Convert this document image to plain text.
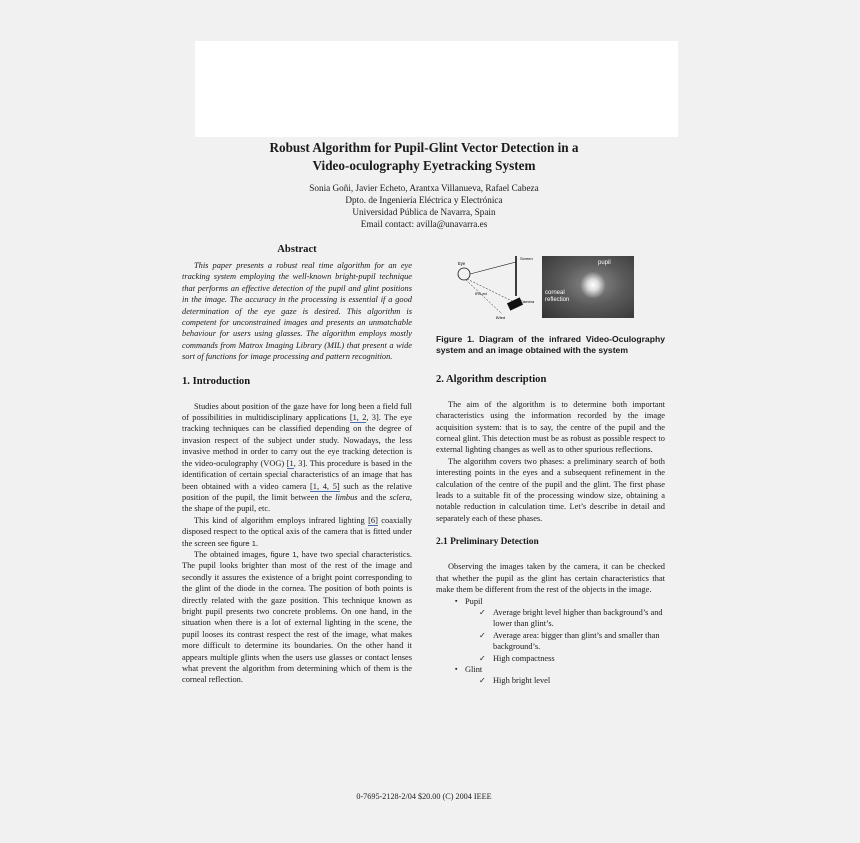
Robust Algorithm for Pupil-Glint Vector Detection in a
Video-oculography Eyetracking System
Sonia Goñi, Javier Echeto, Arantxa Villanueva, Rafael Cabeza
Dpto. de Ingeniería Eléctrica y Electrónica
Universidad Pública de Navarra, Spain
Email contact: avilla@unavarra.es
Abstract

This paper presents a robust real time algorithm for an eye tracking system employing the well-known bright-pupil technique that performs an effective detection of the pupil and glint positions in the image. The accuracy in the processing is essential if a good determination of the eye gaze is desired. This algorithm is competent for unconstrained images and presents an unmatchable behaviour for users using glasses. The algorithm employs mostly commands from Matrox Imaging Library (MIL) that present a wide sort of functions for image processing and pattern recognition.

1. Introduction

Studies about position of the gaze have for long been a field full of possibilities in multidisciplinary applications [1, 2, 3]. The eye tracking techniques can be classified depending on the degree of invasion respect of the subject under study. Nowadays, the less invasive method in order to carry out the eye tracking detection is the video-oculography (VOG) [1, 3]. This procedure is based in the identification of certain special characteristics of an image that has been obtained with a video camera [1, 4, 5] such as the relative position of the pupil, the limit between the limbus and the sclera, the shape of the pupil, etc.

This kind of algorithm employs infrared lighting [6] coaxially disposed respect to the optical axis of the camera that is fitted under the screen see figure 1.

The obtained images, figure 1, have two special characteristics. The pupil looks brighter than most of the rest of the image and secondly it assures the existence of a bright point corresponding to the glint of the diode in the cornea. The position of both points is directly related with the gaze position. This technique known as bright pupil presents two concrete problems. On one hand, in the situation when there is a lot of external lighting in the scene, the pupil looses its contrast respect the rest of the image, what makes more difficult to determine its boundaries. On the other hand it appears multiple glints when the users use glasses or contact lenses what prevent the algorithm from determining which of them is the corneal reflection.

Eye
Screen
IR/Led
Camera
B/led
pupil
corneal
reflection
Figure 1. Diagram of the infrared Video-Oculography system and an image obtained with the system
2. Algorithm description

The aim of the algorithm is to determine both important characteristics using the information recorded by the image acquisition system: that is to say, the centre of the pupil and the corneal glint. This detection must be as robust as possible respect to external lighting changes as well as to other spurious reflections.

The algorithm covers two phases: a preliminary search of both interesting points in the eyes and a subsequent refinement in the calculation of the centre of the pupil and the glint. The first phase leads to a suitable fit of the processing window size, obtaining a notable reduction in calculation time. Let’s describe in detail and separately each of these phases.

2.1 Preliminary Detection

Observing the images taken by the camera, it can be checked that whether the pupil as the glint has certain characteristics that make them be different from the rest of the objects in the image.

▪ Pupil
✓ Average bright level higher than background’s and lower than glint’s.
✓ Average area: bigger than glint’s and smaller than background’s.
✓ High compactness
▪ Glint
✓ High bright level
0-7695-2128-2/04 $20.00 (C) 2004 IEEE
